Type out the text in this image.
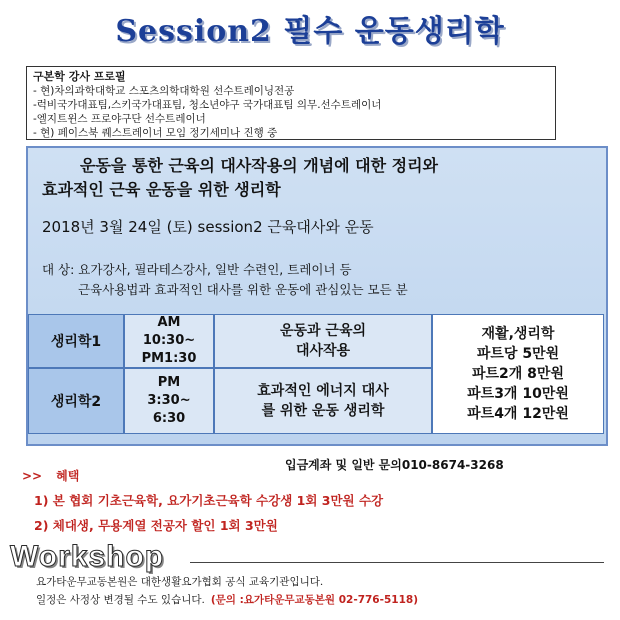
Session2 필수 운동생리학
구본학 강사 프로필
- 현)차의과학대학교 스포츠의학대학원 선수트레이닝전공
-럭비국가대표팀,스키국가대표팀, 청소년야구 국가대표팀 의무.선수트레이너
-엘지트윈스 프로야구단 선수트레이너
- 현) 페이스북 퀘스트레이너 모임 정기세미나 진행 중
운동을 통한 근육의 대사작용의 개념에 대한 정리와
효과적인 근육 운동을 위한 생리학
2018년 3월 24일 (토) session2 근육대사와 운동
대 상: 요가강사, 필라테스강사, 일반 수련인, 트레이너 등
근육사용법과 효과적인 대사를 위한 운동에 관심있는 모든 분
생리학1
AM
10:30~
PM1:30
운동과 근육의
대사작용
생리학2
PM
3:30~
6:30
효과적인 에너지 대사
를 위한 운동 생리학
재활,생리학
파트당 5만원
파트2개 8만원
파트3개 10만원
파트4개 12만원
입금계좌 및 일반 문의010-8674-3268
>> 혜택
1) 본 협회 기초근육학, 요가기초근육학 수강생 1회 3만원 수강
2) 체대생, 무용계열 전공자 할인 1회 3만원
Workshop
요가타운무교동본원은 대한생활요가협회 공식 교육기관입니다.
일정은 사정상 변경될 수도 있습니다. (문의 :요가타운무교동본원 02-776-5118)
